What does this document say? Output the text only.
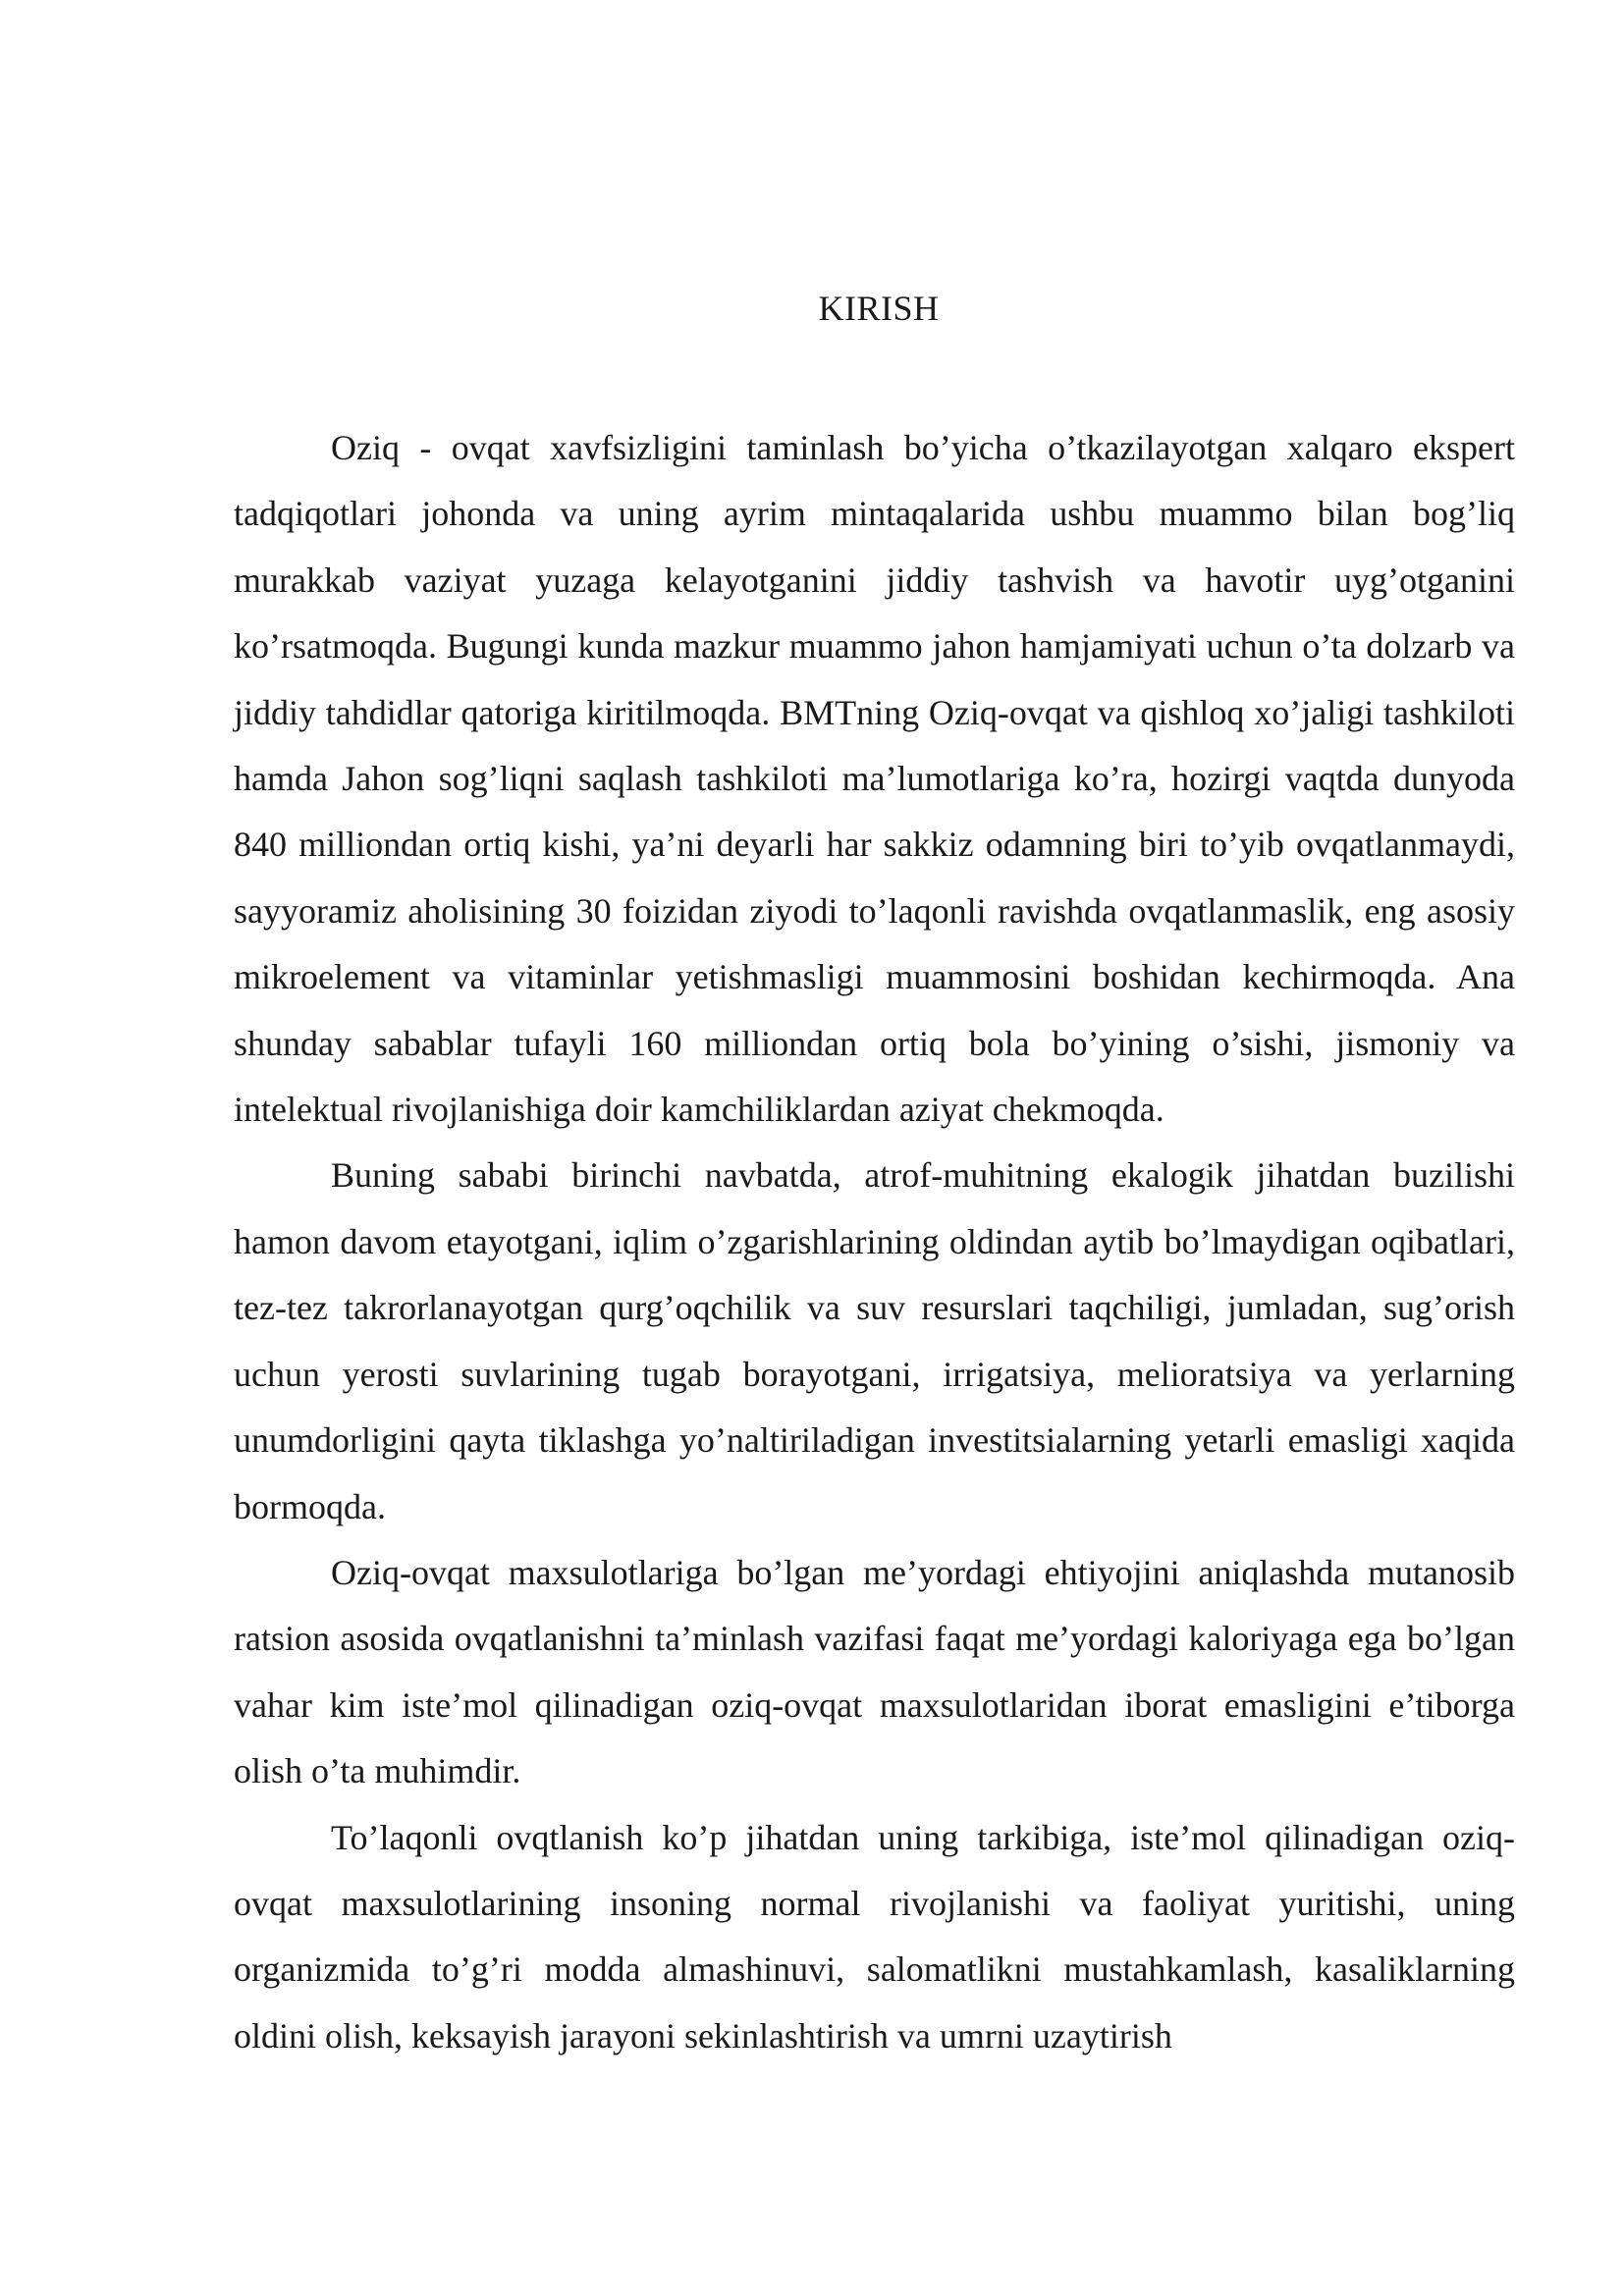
KIRISH

Oziq - ovqat xavfsizligini taminlash bo’yicha o’tkazilayotgan xalqaro ekspert tadqiqotlari johonda va uning ayrim mintaqalarida ushbu muammo bilan bog’liq murakkab vaziyat yuzaga kelayotganini jiddiy tashvish va havotir uyg’otganini ko’rsatmoqda. Bugungi kunda mazkur muammo jahon hamjamiyati uchun o’ta dolzarb va jiddiy tahdidlar qatoriga kiritilmoqda. BMTning Oziq-ovqat va qishloq xo’jaligi tashkiloti hamda Jahon sog’liqni saqlash tashkiloti ma’lumotlariga ko’ra, hozirgi vaqtda dunyoda 840 milliondan ortiq kishi, ya’ni deyarli har sakkiz odamning biri to’yib ovqatlanmaydi, sayyoramiz aholisining 30 foizidan ziyodi to’laqonli ravishda ovqatlanmaslik, eng asosiy mikroelement va vitaminlar yetishmasligi muammosini boshidan kechirmoqda. Ana shunday sabablar tufayli 160 milliondan ortiq bola bo’yining o’sishi, jismoniy va intelektual rivojlanishiga doir kamchiliklardan aziyat chekmoqda.

Buning sababi birinchi navbatda, atrof-muhitning ekalogik jihatdan buzilishi hamon davom etayotgani, iqlim o’zgarishlarining oldindan aytib bo’lmaydigan oqibatlari, tez-tez takrorlanayotgan qurg’oqchilik va suv resurslari taqchiligi, jumladan, sug’orish uchun yerosti suvlarining tugab borayotgani, irrigatsiya, melioratsiya va yerlarning unumdorligini qayta tiklashga yo’naltiriladigan investitsialarning yetarli emasligi xaqida bormoqda.

Oziq-ovqat maxsulotlariga bo’lgan me’yordagi ehtiyojini aniqlashda mutanosib ratsion asosida ovqatlanishni ta’minlash vazifasi faqat me’yordagi kaloriyaga ega bo’lgan vahar kim iste’mol qilinadigan oziq-ovqat maxsulotlaridan iborat emasligini e’tiborga olish o’ta muhimdir.

To’laqonli ovqtlanish ko’p jihatdan uning tarkibiga, iste’mol qilinadigan oziq-ovqat maxsulotlarining insoning normal rivojlanishi va faoliyat yuritishi, uning organizmida to’g’ri modda almashinuvi, salomatlikni mustahkamlash, kasaliklarning oldini olish, keksayish jarayoni sekinlashtirish va umrni uzaytirish
